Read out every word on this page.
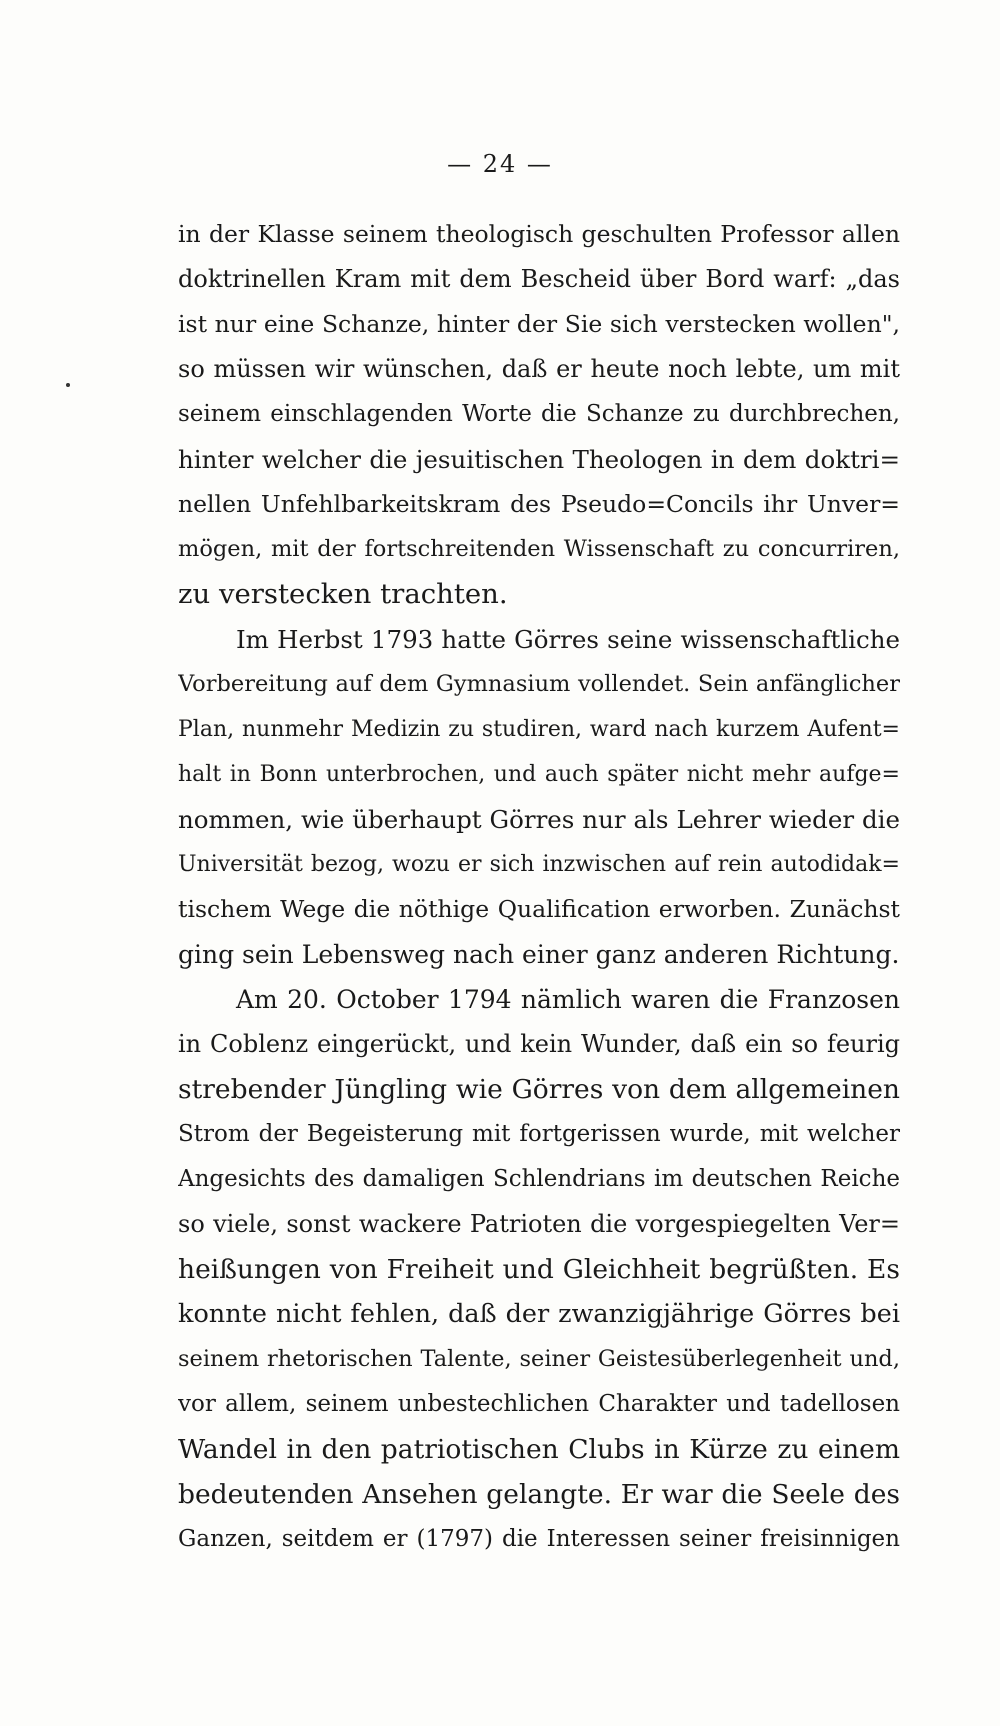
— 24 —
in der Klasse seinem theologisch geschulten Professor allen
doktrinellen Kram mit dem Bescheid über Bord warf: „das
ist nur eine Schanze, hinter der Sie sich verstecken wollen",
so müssen wir wünschen, daß er heute noch lebte, um mit
seinem einschlagenden Worte die Schanze zu durchbrechen,
hinter welcher die jesuitischen Theologen in dem doktri=
nellen Unfehlbarkeitskram des Pseudo=Concils ihr Unver=
mögen, mit der fortschreitenden Wissenschaft zu concurriren,
zu verstecken trachten.
Im Herbst 1793 hatte Görres seine wissenschaftliche
Vorbereitung auf dem Gymnasium vollendet. Sein anfänglicher
Plan, nunmehr Medizin zu studiren, ward nach kurzem Aufent=
halt in Bonn unterbrochen, und auch später nicht mehr aufge=
nommen, wie überhaupt Görres nur als Lehrer wieder die
Universität bezog, wozu er sich inzwischen auf rein autodidak=
tischem Wege die nöthige Qualification erworben. Zunächst
ging sein Lebensweg nach einer ganz anderen Richtung.
Am 20. October 1794 nämlich waren die Franzosen
in Coblenz eingerückt, und kein Wunder, daß ein so feurig
strebender Jüngling wie Görres von dem allgemeinen
Strom der Begeisterung mit fortgerissen wurde, mit welcher
Angesichts des damaligen Schlendrians im deutschen Reiche
so viele, sonst wackere Patrioten die vorgespiegelten Ver=
heißungen von Freiheit und Gleichheit begrüßten. Es
konnte nicht fehlen, daß der zwanzigjährige Görres bei
seinem rhetorischen Talente, seiner Geistesüberlegenheit und,
vor allem, seinem unbestechlichen Charakter und tadellosen
Wandel in den patriotischen Clubs in Kürze zu einem
bedeutenden Ansehen gelangte. Er war die Seele des
Ganzen, seitdem er (1797) die Interessen seiner freisinnigen
